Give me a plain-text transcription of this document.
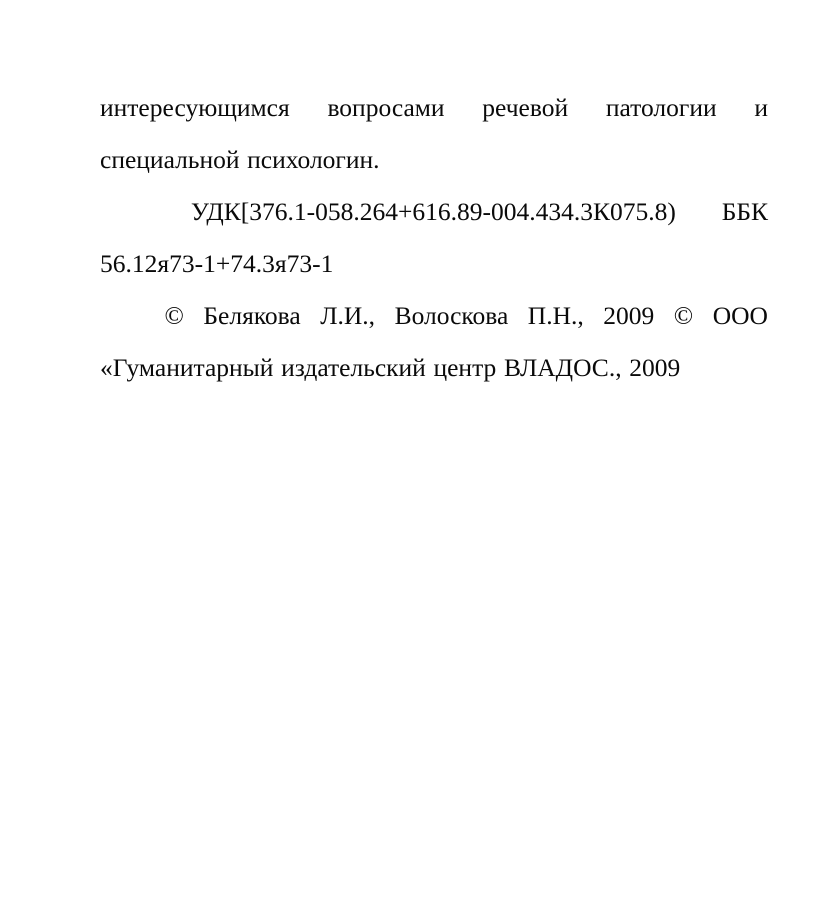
интересующимся вопросами речевой патологии и
специальной психологин.
УДК[376.1-058.264+616.89-004.434.3К075.8) ББК
56.12я73-1+74.3я73-1
© Белякова Л.И., Волоскова П.Н., 2009 © ООО
«Гуманитарный издательский центр ВЛАДОС., 2009
